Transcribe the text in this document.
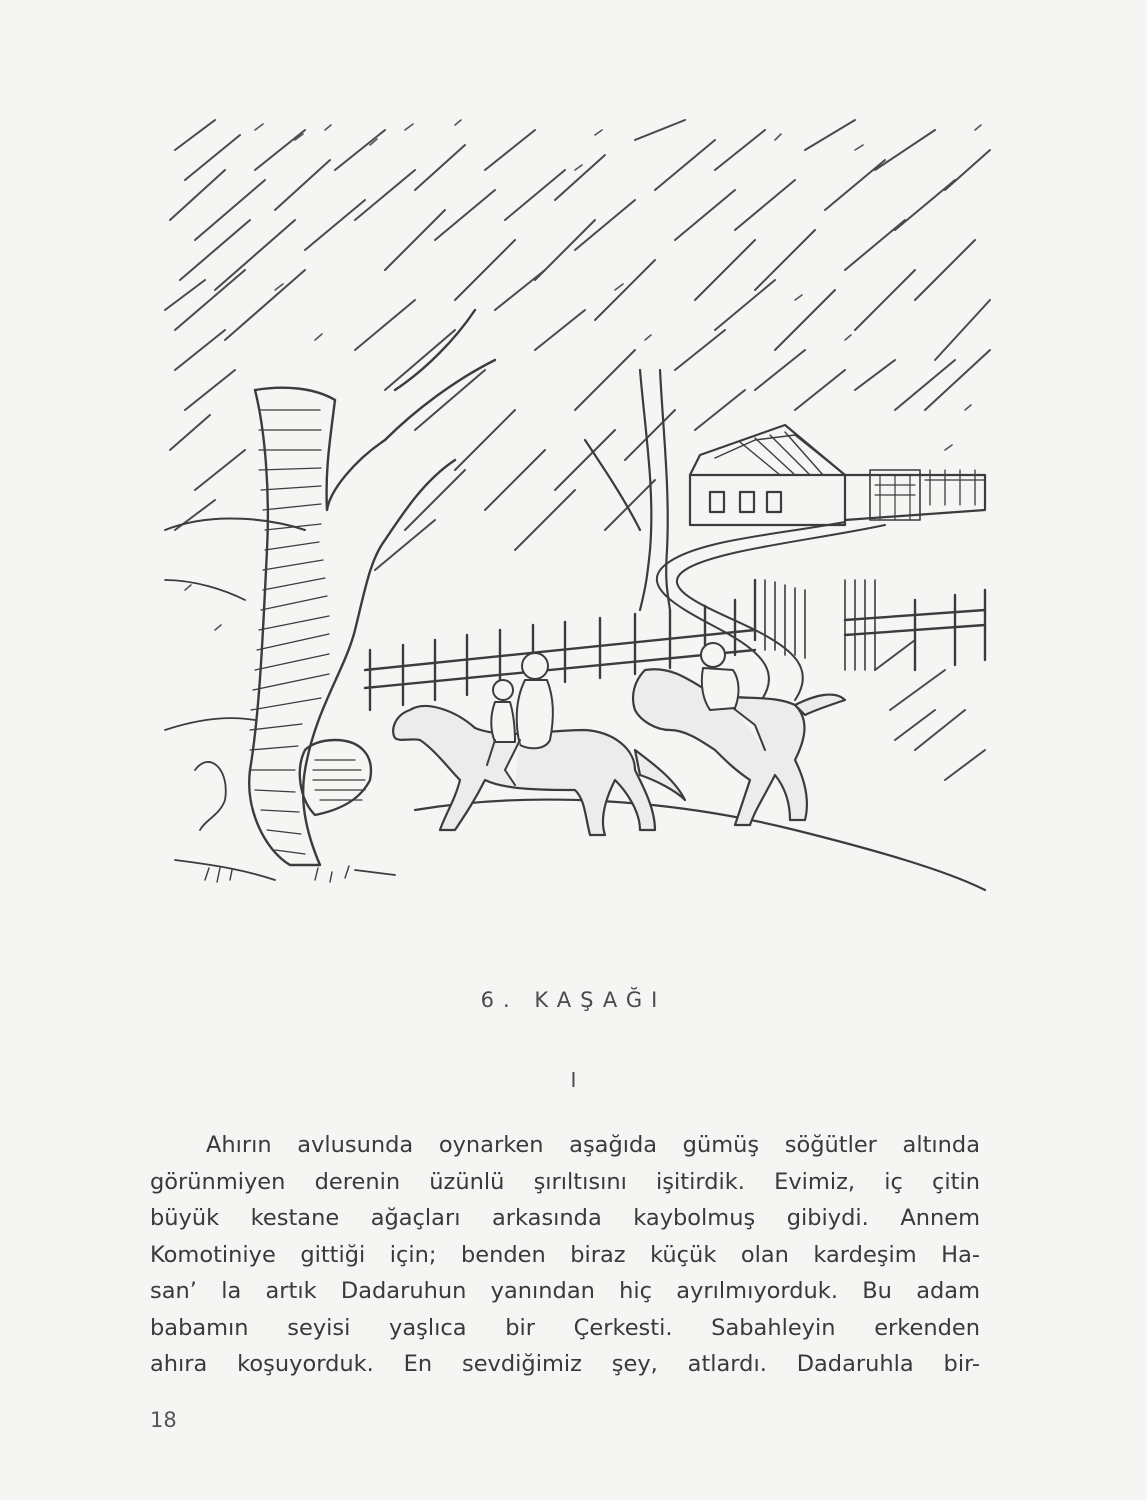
6. KAŞAĞI
I
Ahırın avlusunda oynarken aşağıda gümüş söğütler altında
görünmiyen derenin üzünlü şırıltısını işitirdik. Evimiz, iç çitin
büyük kestane ağaçları arkasında kaybolmuş gibiydi. Annem
Komotiniye gittiği için; benden biraz küçük olan kardeşim Ha-
san’ la artık Dadaruhun yanından hiç ayrılmıyorduk. Bu adam
babamın seyisi yaşlıca bir Çerkesti. Sabahleyin erkenden
ahıra koşuyorduk. En sevdiğimiz şey, atlardı. Dadaruhla bir-
18
